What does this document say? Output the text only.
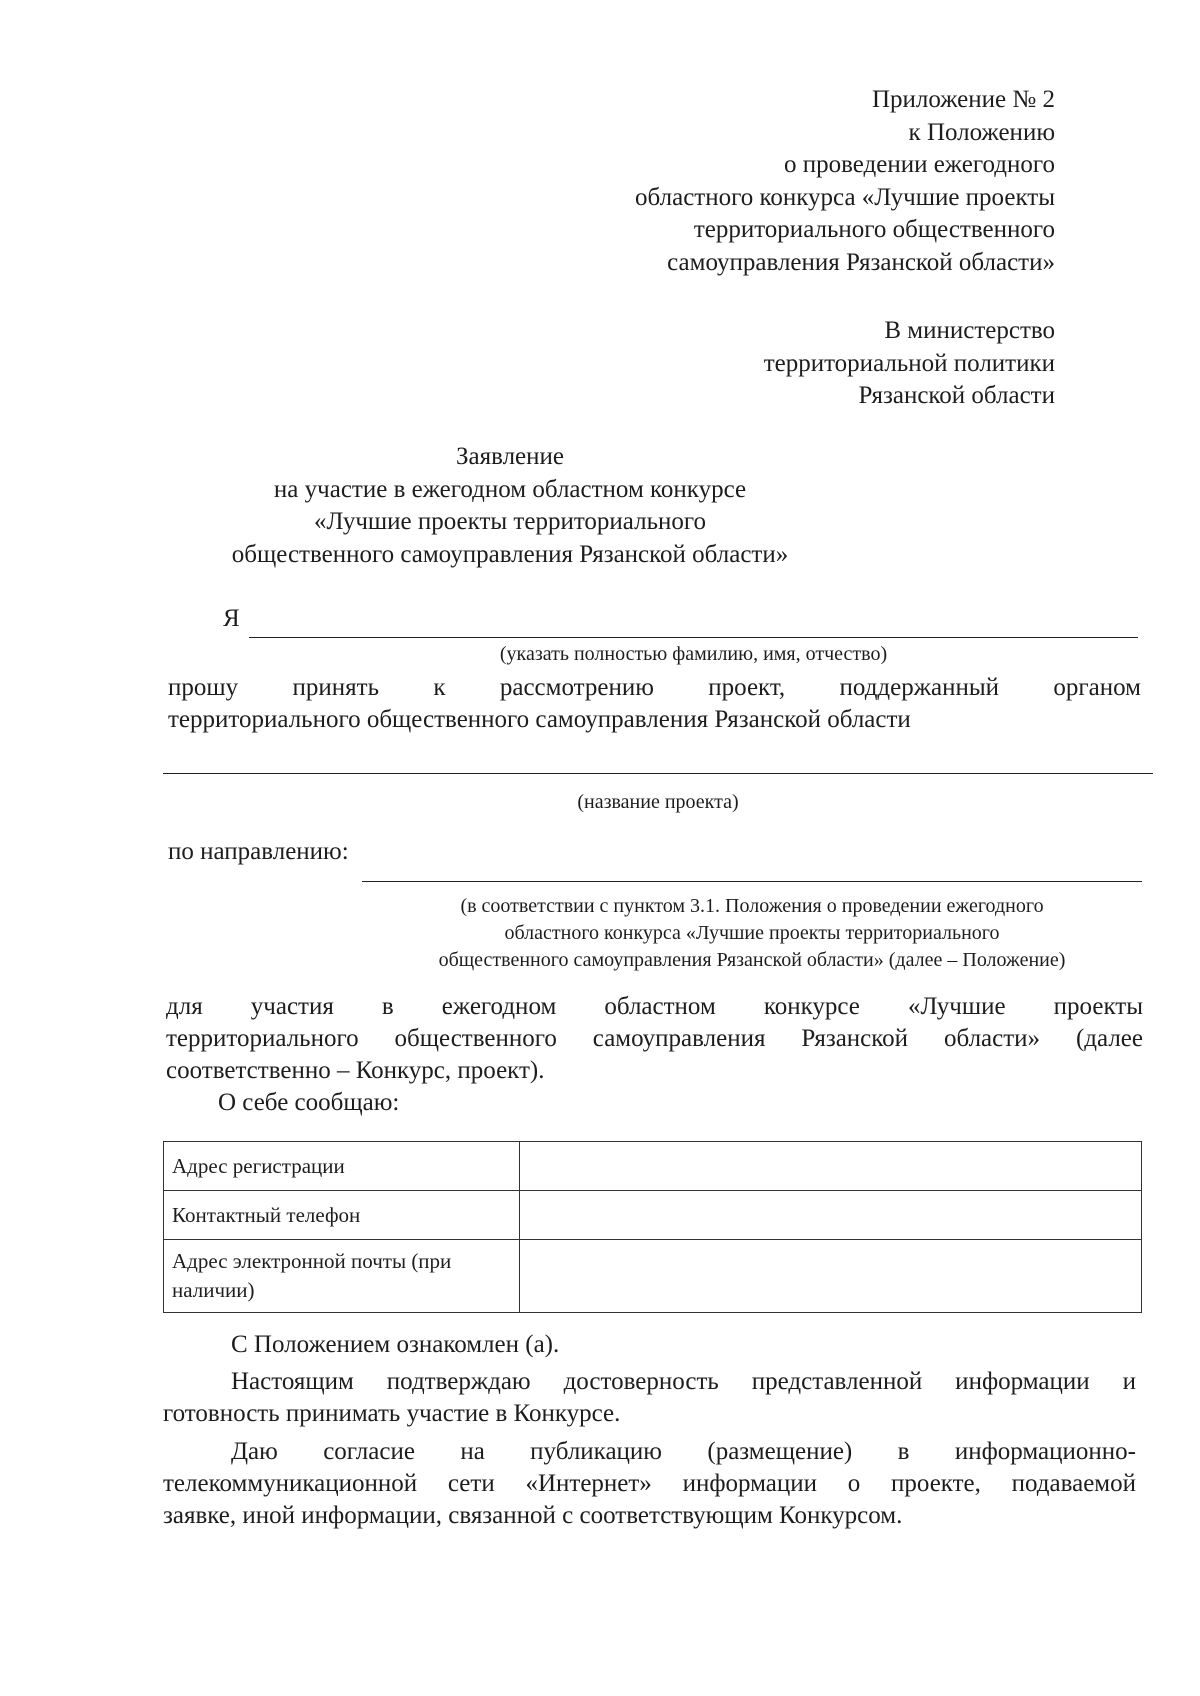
Приложение № 2
к Положению
о проведении ежегодного
областного конкурса «Лучшие проекты
территориального общественного
самоуправления Рязанской области»
В министерство
территориальной политики
Рязанской области
Заявление
на участие в ежегодном областном конкурсе
«Лучшие проекты территориального
общественного самоуправления Рязанской области»
Я
(указать полностью фамилию, имя, отчество)
прошу принять к рассмотрению проект, поддержанный органом
территориального общественного самоуправления Рязанской области
(название проекта)
по направлению:
(в соответствии с пунктом 3.1. Положения о проведении ежегодного
областного конкурса «Лучшие проекты территориального
общественного самоуправления Рязанской области» (далее – Положение)
для участия в ежегодном областном конкурсе «Лучшие проекты
территориального общественного самоуправления Рязанской области» (далее
соответственно – Конкурс, проект).
О себе сообщаю:
Адрес регистрации	
Контактный телефон	
Адрес электронной почты (при наличии)	
С Положением ознакомлен (а).
Настоящим подтверждаю достоверность представленной информации и
готовность принимать участие в Конкурсе.
Даю согласие на публикацию (размещение) в информационно-
телекоммуникационной сети «Интернет» информации о проекте, подаваемой
заявке, иной информации, связанной с соответствующим Конкурсом.
